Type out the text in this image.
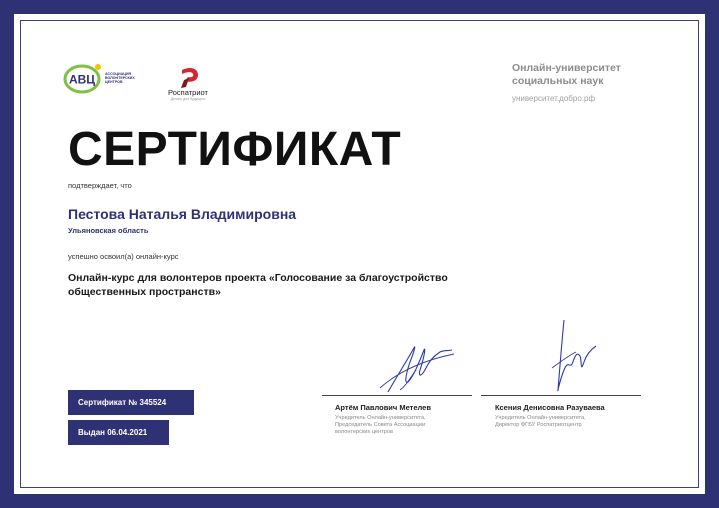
АВЦ	АССОЦИАЦИЯ ВОЛОНТЕРСКИХ ЦЕНТРОВ
Роспатриот
Делать для будущего
Онлайн-университет
социальных наук
университет.добро.рф
СЕРТИФИКАТ
подтверждает, что
Пестова Наталья Владимировна
Ульяновская область
успешно освоил(а) онлайн-курс
Онлайн-курс для волонтеров проекта «Голосование за благоустройство
общественных пространств»
Сертификат № 345524
Выдан 06.04.2021
Артём Павлович Метелев
Учредитель Онлайн-университета,
Председатель Совета Ассоциации
волонтерских центров
Ксения Денисовна Разуваева
Учредитель Онлайн-университета,
Директор ФГБУ Роспатриотцентр
